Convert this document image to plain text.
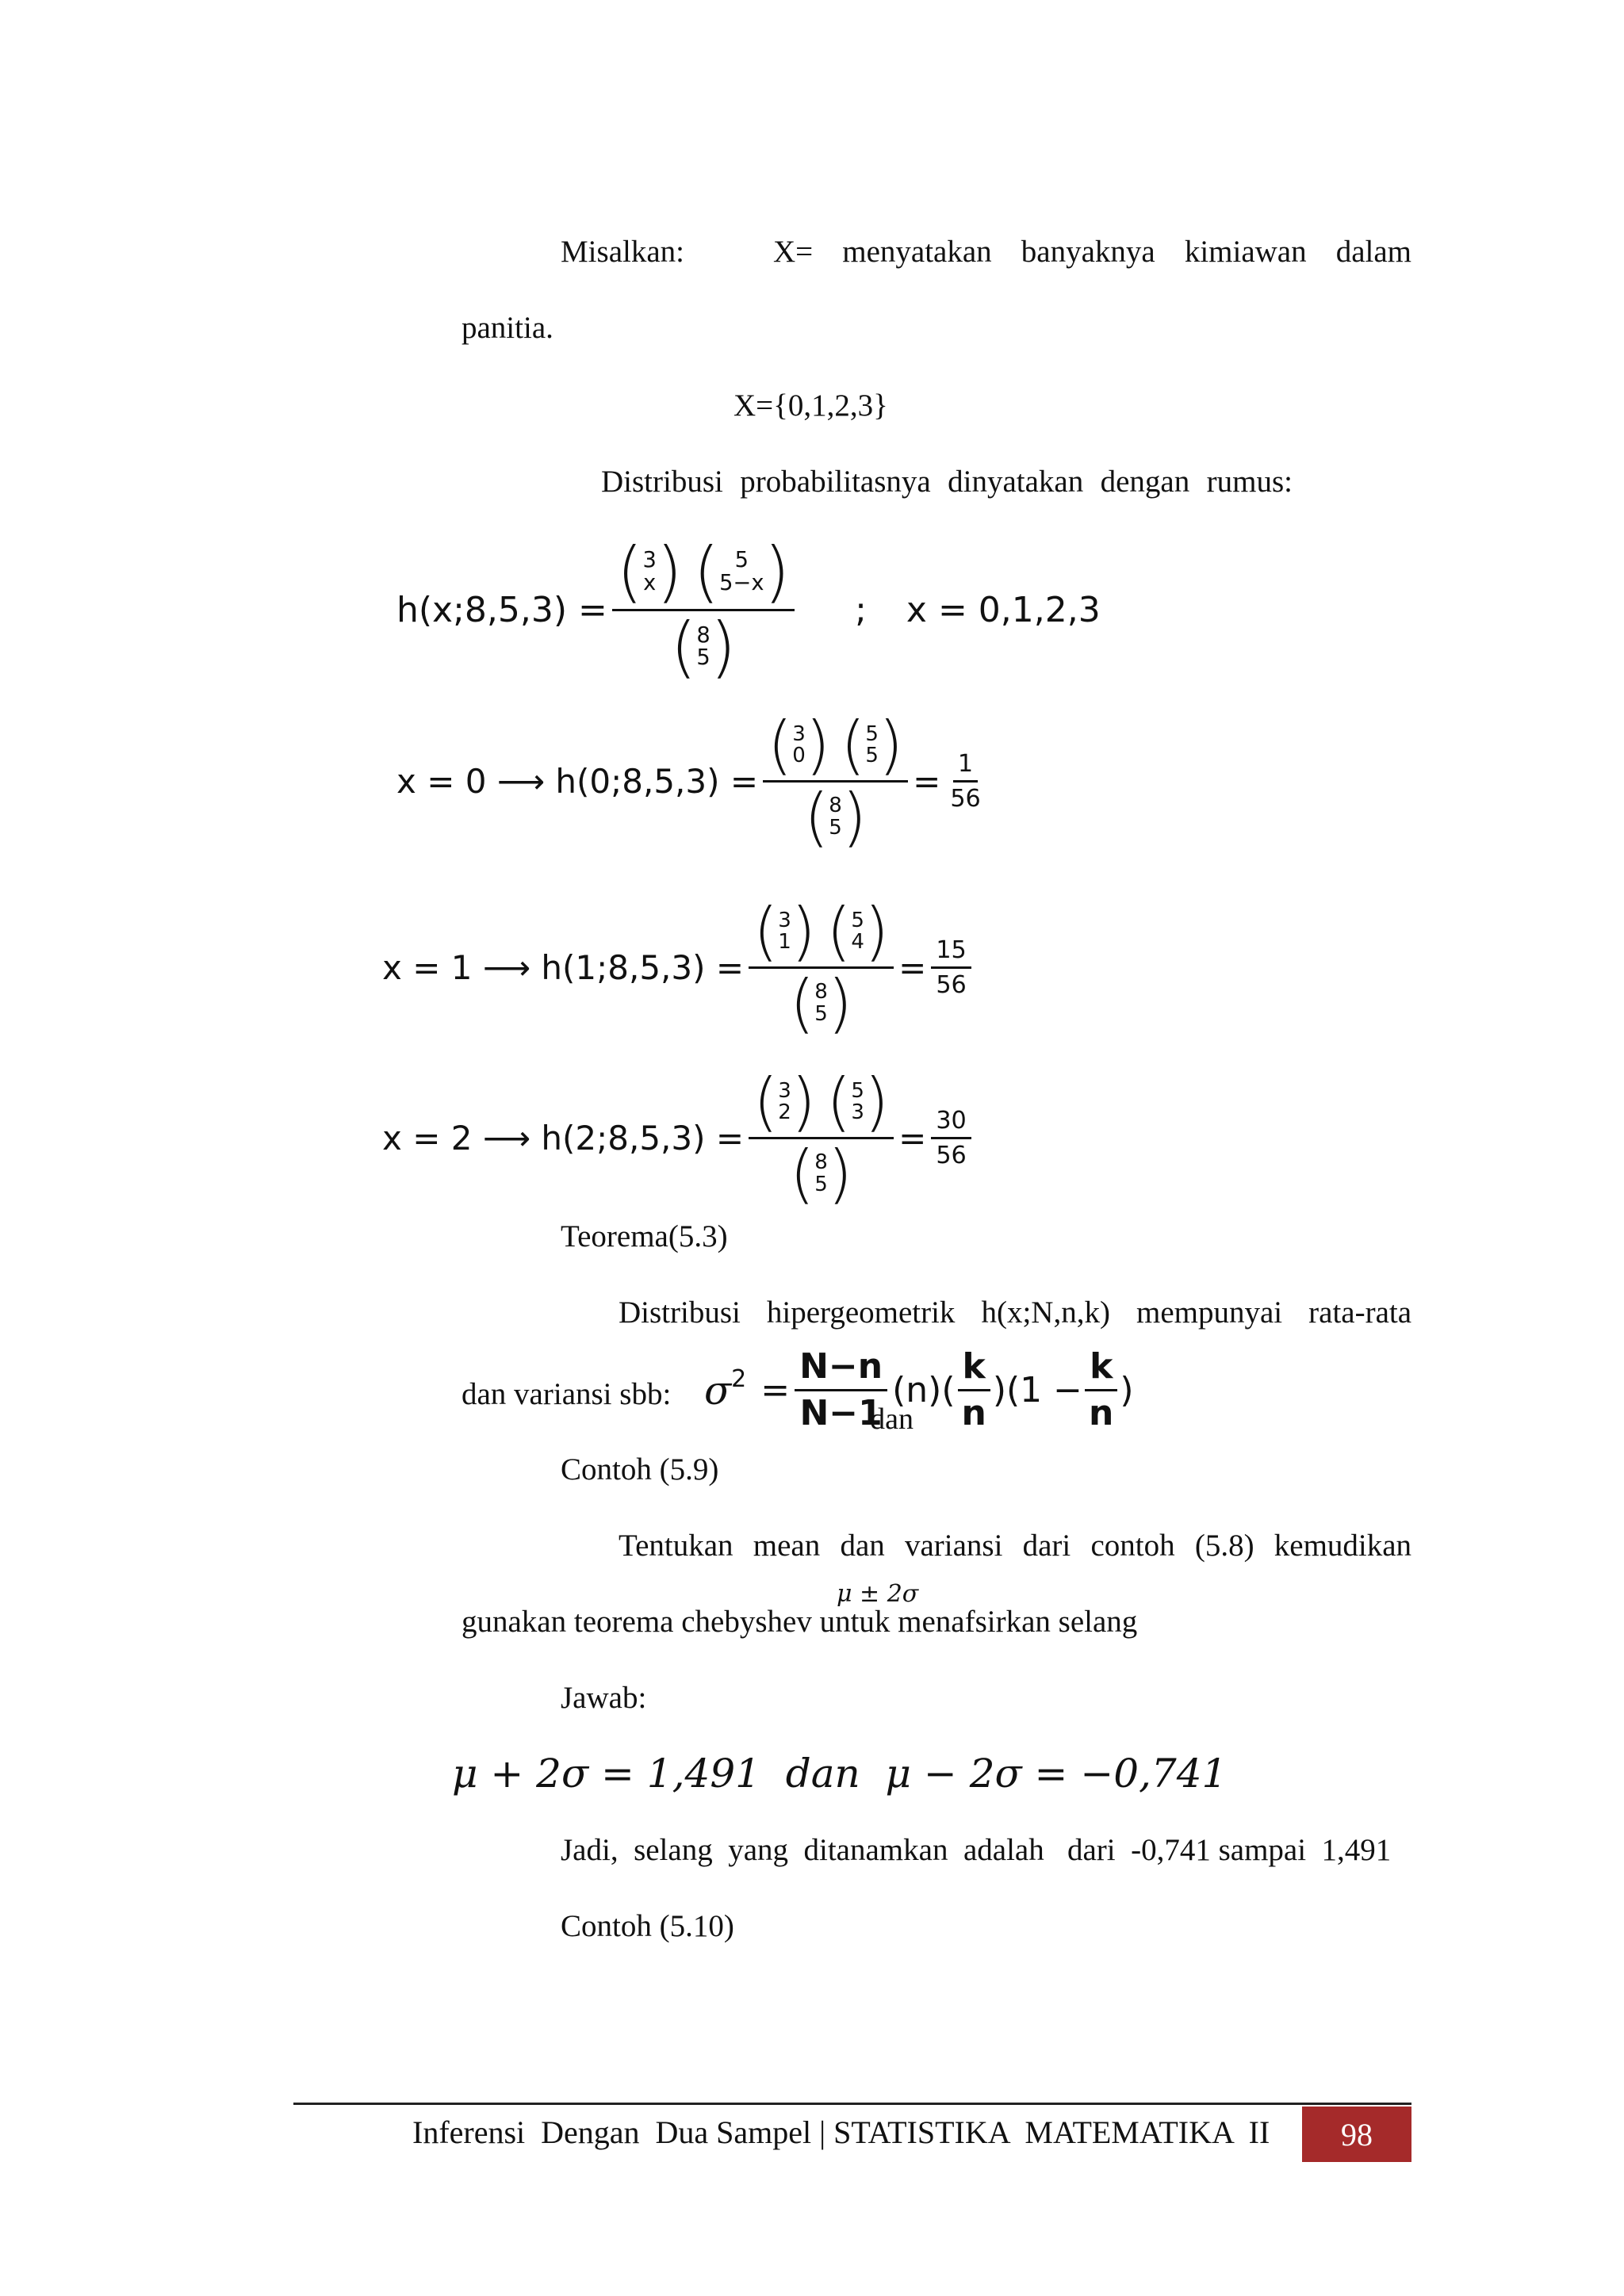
Misalkan:	X= menyatakan banyaknya kimiawan dalam
panitia.
X={0,1,2,3}
Distribusi probabilitasnya dinyatakan dengan rumus:
h(x;8,5,3) = ( 3
x )
( 5
5−x )
( 8
5 ) ; x = 0,1,2,3
x = 0 ⟶ h(0;8,5,3) = ( 3
0 )
( 5
5 )
( 8
5 ) = $\frac{1}{56}$
x = 1 ⟶ h(1;8,5,3) = ( 3
1 )
( 5
4 )
( 8
5 ) = $\frac{15}{56}$
x = 2 ⟶ h(2;8,5,3) = ( 3
2 )
( 5
3 )
( 8
5 ) = $\frac{30}{56}$
Teorema(5.3)
Distribusi hipergeometrik h(x;N,n,k) mempunyai rata-rata
dan variansi sbb: $\sigma^2$ =
N−n
N−1
dan
$(n)( \frac{k}{n} )(1 - \frac{k}{n}$ )
Contoh (5.9)
Tentukan mean dan variansi dari contoh (5.8) kemudikan
μ ± 2σ
gunakan teorema chebyshev untuk menafsirkan selang
Jawab:
μ + 2σ = 1,491  dan  μ − 2σ = −0,741
Jadi,  selang  yang  ditanamkan  adalah   dari  -0,741 sampai  1,491
Contoh (5.10)
Inferensi  Dengan  Dua Sampel | STATISTIKA  MATEMATIKA  II 98
